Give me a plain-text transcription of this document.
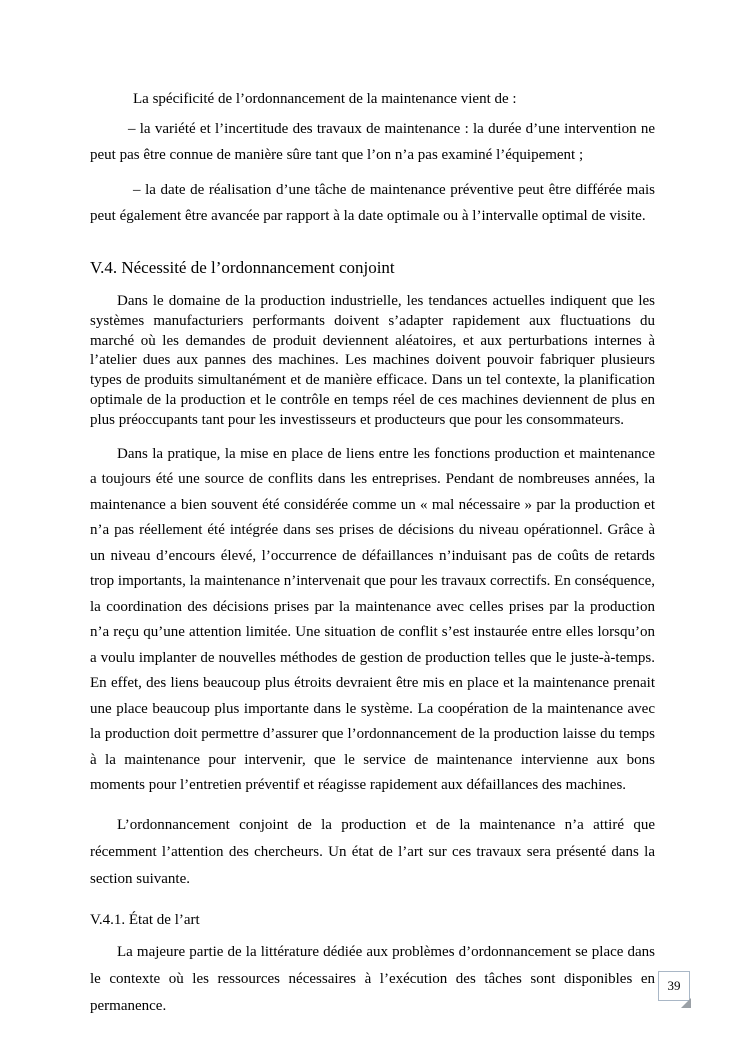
La spécificité de l’ordonnancement de la maintenance vient de :

– la variété et l’incertitude des travaux de maintenance : la durée d’une intervention ne peut pas être connue de manière sûre tant que l’on n’a pas examiné l’équipement ;

– la date de réalisation d’une tâche de maintenance préventive peut être différée mais peut également être avancée par rapport à la date optimale ou à l’intervalle optimal de visite.

V.4. Nécessité de l’ordonnancement conjoint

Dans le domaine de la production industrielle, les tendances actuelles indiquent que les systèmes manufacturiers performants doivent s’adapter rapidement aux fluctuations du marché où les demandes de produit deviennent aléatoires, et aux perturbations internes à l’atelier dues aux pannes des machines. Les machines doivent pouvoir fabriquer plusieurs types de produits simultanément et de manière efficace. Dans un tel contexte, la planification optimale de la production et le contrôle en temps réel de ces machines deviennent de plus en plus préoccupants tant pour les investisseurs et producteurs que pour les consommateurs.

Dans la pratique, la mise en place de liens entre les fonctions production et maintenance a toujours été une source de conflits dans les entreprises. Pendant de nombreuses années, la maintenance a bien souvent été considérée comme un « mal nécessaire » par la production et n’a pas réellement été intégrée dans ses prises de décisions du niveau opérationnel. Grâce à un niveau d’encours élevé, l’occurrence de défaillances n’induisant pas de coûts de retards trop importants, la maintenance n’intervenait que pour les travaux correctifs. En conséquence, la coordination des décisions prises par la maintenance avec celles prises par la production n’a reçu qu’une attention limitée. Une situation de conflit s’est instaurée entre elles lorsqu’on a voulu implanter de nouvelles méthodes de gestion de production telles que le juste-à-temps. En effet, des liens beaucoup plus étroits devraient être mis en place et la maintenance prenait une place beaucoup plus importante dans le système. La coopération de la maintenance avec la production doit permettre d’assurer que l’ordonnancement de la production laisse du temps à la maintenance pour intervenir, que le service de maintenance intervienne aux bons moments pour l’entretien préventif et réagisse rapidement aux défaillances des machines.

L’ordonnancement conjoint de la production et de la maintenance n’a attiré que récemment l’attention des chercheurs. Un état de l’art sur ces travaux sera présenté dans la section suivante.

V.4.1. État de l’art

La majeure partie de la littérature dédiée aux problèmes d’ordonnancement se place dans le contexte où les ressources nécessaires à l’exécution des tâches sont disponibles en permanence.

39
